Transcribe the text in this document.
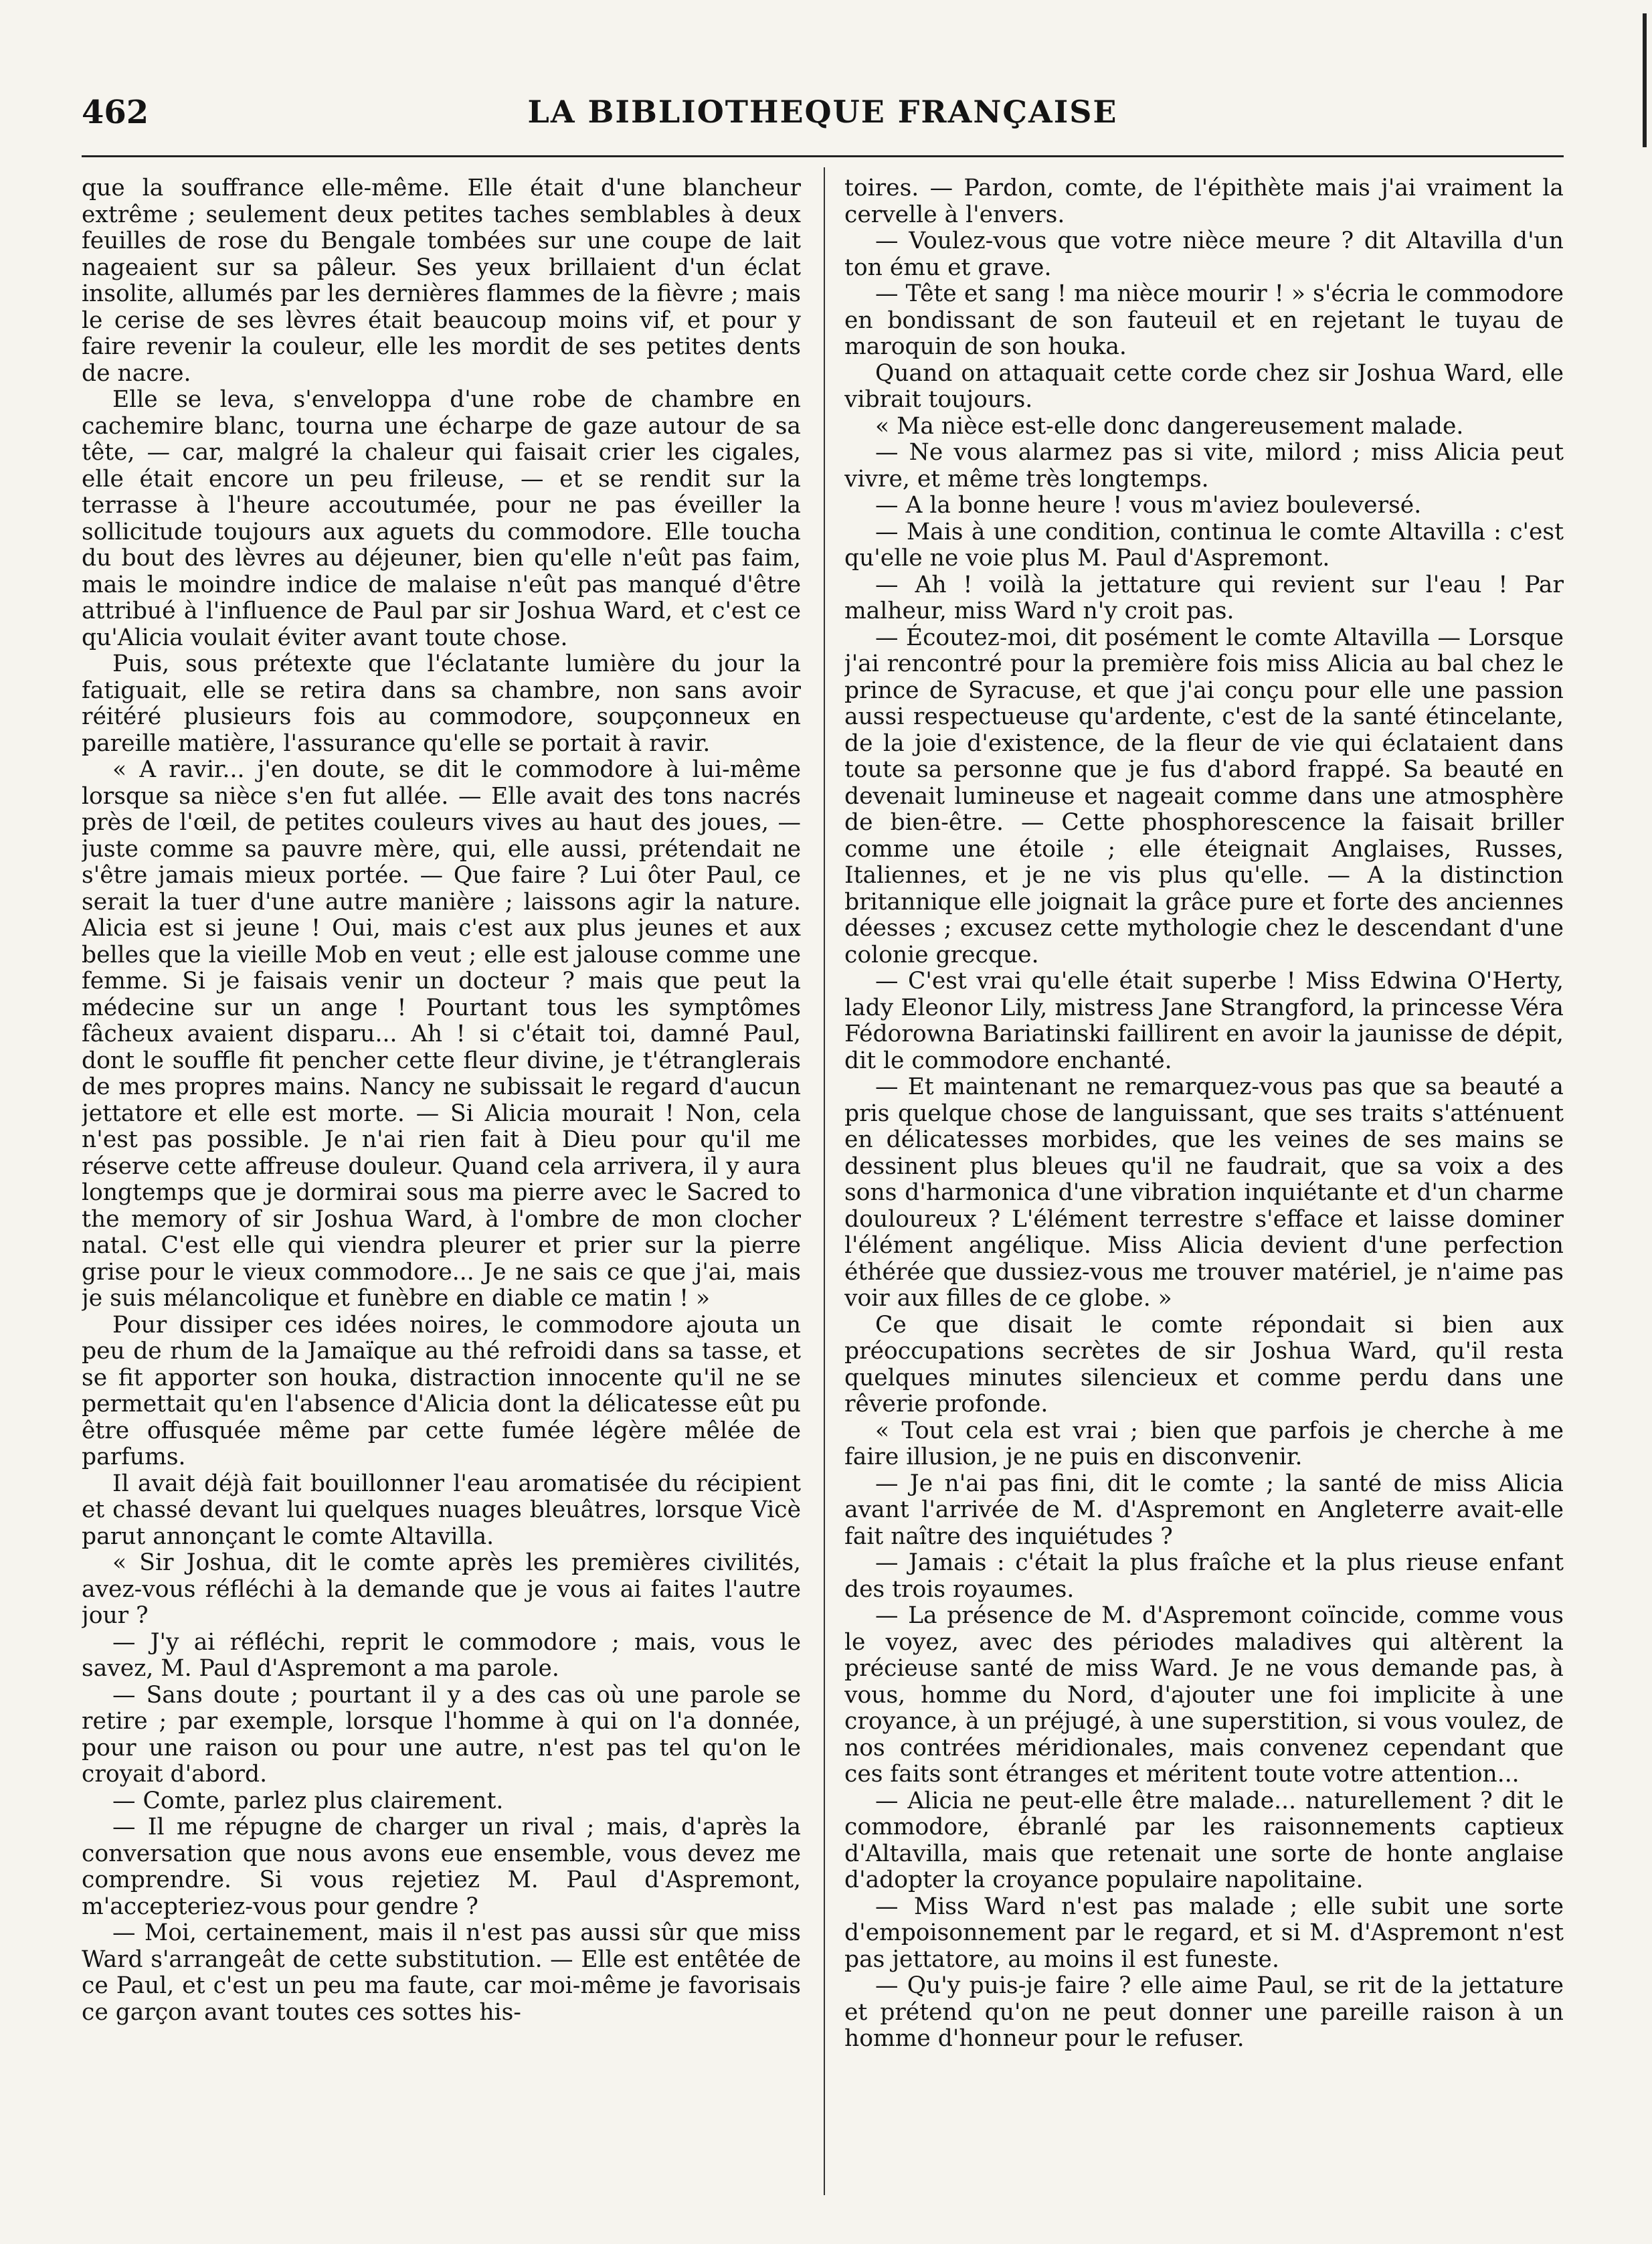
462	LA BIBLIOTHEQUE FRANÇAISE

que la souffrance elle-même. Elle était d'une blancheur extrême ; seulement deux petites taches semblables à deux feuilles de rose du Bengale tombées sur une coupe de lait nageaient sur sa pâleur. Ses yeux brillaient d'un éclat insolite, allumés par les dernières flammes de la fièvre ; mais le cerise de ses lèvres était beaucoup moins vif, et pour y faire revenir la couleur, elle les mordit de ses petites dents de nacre.

Elle se leva, s'enveloppa d'une robe de chambre en cachemire blanc, tourna une écharpe de gaze autour de sa tête, — car, malgré la chaleur qui faisait crier les cigales, elle était encore un peu frileuse, — et se rendit sur la terrasse à l'heure accoutumée, pour ne pas éveiller la sollicitude toujours aux aguets du commodore. Elle toucha du bout des lèvres au déjeuner, bien qu'elle n'eût pas faim, mais le moindre indice de malaise n'eût pas manqué d'être attribué à l'influence de Paul par sir Joshua Ward, et c'est ce qu'Alicia voulait éviter avant toute chose.

Puis, sous prétexte que l'éclatante lumière du jour la fatiguait, elle se retira dans sa chambre, non sans avoir réitéré plusieurs fois au commodore, soupçonneux en pareille matière, l'assurance qu'elle se portait à ravir.

« A ravir... j'en doute, se dit le commodore à lui-même lorsque sa nièce s'en fut allée. — Elle avait des tons nacrés près de l'œil, de petites couleurs vives au haut des joues, — juste comme sa pauvre mère, qui, elle aussi, prétendait ne s'être jamais mieux portée. — Que faire ? Lui ôter Paul, ce serait la tuer d'une autre manière ; laissons agir la nature. Alicia est si jeune ! Oui, mais c'est aux plus jeunes et aux belles que la vieille Mob en veut ; elle est jalouse comme une femme. Si je faisais venir un docteur ? mais que peut la médecine sur un ange ! Pourtant tous les symptômes fâcheux avaient disparu... Ah ! si c'était toi, damné Paul, dont le souffle fit pencher cette fleur divine, je t'étranglerais de mes propres mains. Nancy ne subissait le regard d'aucun jettatore et elle est morte. — Si Alicia mourait ! Non, cela n'est pas possible. Je n'ai rien fait à Dieu pour qu'il me réserve cette affreuse douleur. Quand cela arrivera, il y aura longtemps que je dormirai sous ma pierre avec le Sacred to the memory of sir Joshua Ward, à l'ombre de mon clocher natal. C'est elle qui viendra pleurer et prier sur la pierre grise pour le vieux commodore... Je ne sais ce que j'ai, mais je suis mélancolique et funèbre en diable ce matin ! »

Pour dissiper ces idées noires, le commodore ajouta un peu de rhum de la Jamaïque au thé refroidi dans sa tasse, et se fit apporter son houka, distraction innocente qu'il ne se permettait qu'en l'absence d'Alicia dont la délicatesse eût pu être offusquée même par cette fumée légère mêlée de parfums.

Il avait déjà fait bouillonner l'eau aromatisée du récipient et chassé devant lui quelques nuages bleuâtres, lorsque Vicè parut annonçant le comte Altavilla.

« Sir Joshua, dit le comte après les premières civilités, avez-vous réfléchi à la demande que je vous ai faites l'autre jour ?

— J'y ai réfléchi, reprit le commodore ; mais, vous le savez, M. Paul d'Aspremont a ma parole.

— Sans doute ; pourtant il y a des cas où une parole se retire ; par exemple, lorsque l'homme à qui on l'a donnée, pour une raison ou pour une autre, n'est pas tel qu'on le croyait d'abord.

— Comte, parlez plus clairement.

— Il me répugne de charger un rival ; mais, d'après la conversation que nous avons eue ensemble, vous devez me comprendre. Si vous rejetiez M. Paul d'Aspremont, m'accepteriez-vous pour gendre ?

— Moi, certainement, mais il n'est pas aussi sûr que miss Ward s'arrangeât de cette substitution. — Elle est entêtée de ce Paul, et c'est un peu ma faute, car moi-même je favorisais ce garçon avant toutes ces sottes his-

toires. — Pardon, comte, de l'épithète mais j'ai vraiment la cervelle à l'envers.

— Voulez-vous que votre nièce meure ? dit Altavilla d'un ton ému et grave.

— Tête et sang ! ma nièce mourir ! » s'écria le commodore en bondissant de son fauteuil et en rejetant le tuyau de maroquin de son houka.

Quand on attaquait cette corde chez sir Joshua Ward, elle vibrait toujours.

« Ma nièce est-elle donc dangereusement malade.

— Ne vous alarmez pas si vite, milord ; miss Alicia peut vivre, et même très longtemps.

— A la bonne heure ! vous m'aviez bouleversé.

— Mais à une condition, continua le comte Altavilla : c'est qu'elle ne voie plus M. Paul d'Aspremont.

— Ah ! voilà la jettature qui revient sur l'eau ! Par malheur, miss Ward n'y croit pas.

— Écoutez-moi, dit posément le comte Altavilla — Lorsque j'ai rencontré pour la première fois miss Alicia au bal chez le prince de Syracuse, et que j'ai conçu pour elle une passion aussi respectueuse qu'ardente, c'est de la santé étincelante, de la joie d'existence, de la fleur de vie qui éclataient dans toute sa personne que je fus d'abord frappé. Sa beauté en devenait lumineuse et nageait comme dans une atmosphère de bien-être. — Cette phosphorescence la faisait briller comme une étoile ; elle éteignait Anglaises, Russes, Italiennes, et je ne vis plus qu'elle. — A la distinction britannique elle joignait la grâce pure et forte des anciennes déesses ; excusez cette mythologie chez le descendant d'une colonie grecque.

— C'est vrai qu'elle était superbe ! Miss Edwina O'Herty, lady Eleonor Lily, mistress Jane Strangford, la princesse Véra Fédorowna Bariatinski faillirent en avoir la jaunisse de dépit, dit le commodore enchanté.

— Et maintenant ne remarquez-vous pas que sa beauté a pris quelque chose de languissant, que ses traits s'atténuent en délicatesses morbides, que les veines de ses mains se dessinent plus bleues qu'il ne faudrait, que sa voix a des sons d'harmonica d'une vibration inquiétante et d'un charme douloureux ? L'élément terrestre s'efface et laisse dominer l'élément angélique. Miss Alicia devient d'une perfection éthérée que dussiez-vous me trouver matériel, je n'aime pas voir aux filles de ce globe. »

Ce que disait le comte répondait si bien aux préoccupations secrètes de sir Joshua Ward, qu'il resta quelques minutes silencieux et comme perdu dans une rêverie profonde.

« Tout cela est vrai ; bien que parfois je cherche à me faire illusion, je ne puis en disconvenir.

— Je n'ai pas fini, dit le comte ; la santé de miss Alicia avant l'arrivée de M. d'Aspremont en Angleterre avait-elle fait naître des inquiétudes ?

— Jamais : c'était la plus fraîche et la plus rieuse enfant des trois royaumes.

— La présence de M. d'Aspremont coïncide, comme vous le voyez, avec des périodes maladives qui altèrent la précieuse santé de miss Ward. Je ne vous demande pas, à vous, homme du Nord, d'ajouter une foi implicite à une croyance, à un préjugé, à une superstition, si vous voulez, de nos contrées méridionales, mais convenez cependant que ces faits sont étranges et méritent toute votre attention...

— Alicia ne peut-elle être malade... naturellement ? dit le commodore, ébranlé par les raisonnements captieux d'Altavilla, mais que retenait une sorte de honte anglaise d'adopter la croyance populaire napolitaine.

— Miss Ward n'est pas malade ; elle subit une sorte d'empoisonnement par le regard, et si M. d'Aspremont n'est pas jettatore, au moins il est funeste.

— Qu'y puis-je faire ? elle aime Paul, se rit de la jettature et prétend qu'on ne peut donner une pareille raison à un homme d'honneur pour le refuser.
